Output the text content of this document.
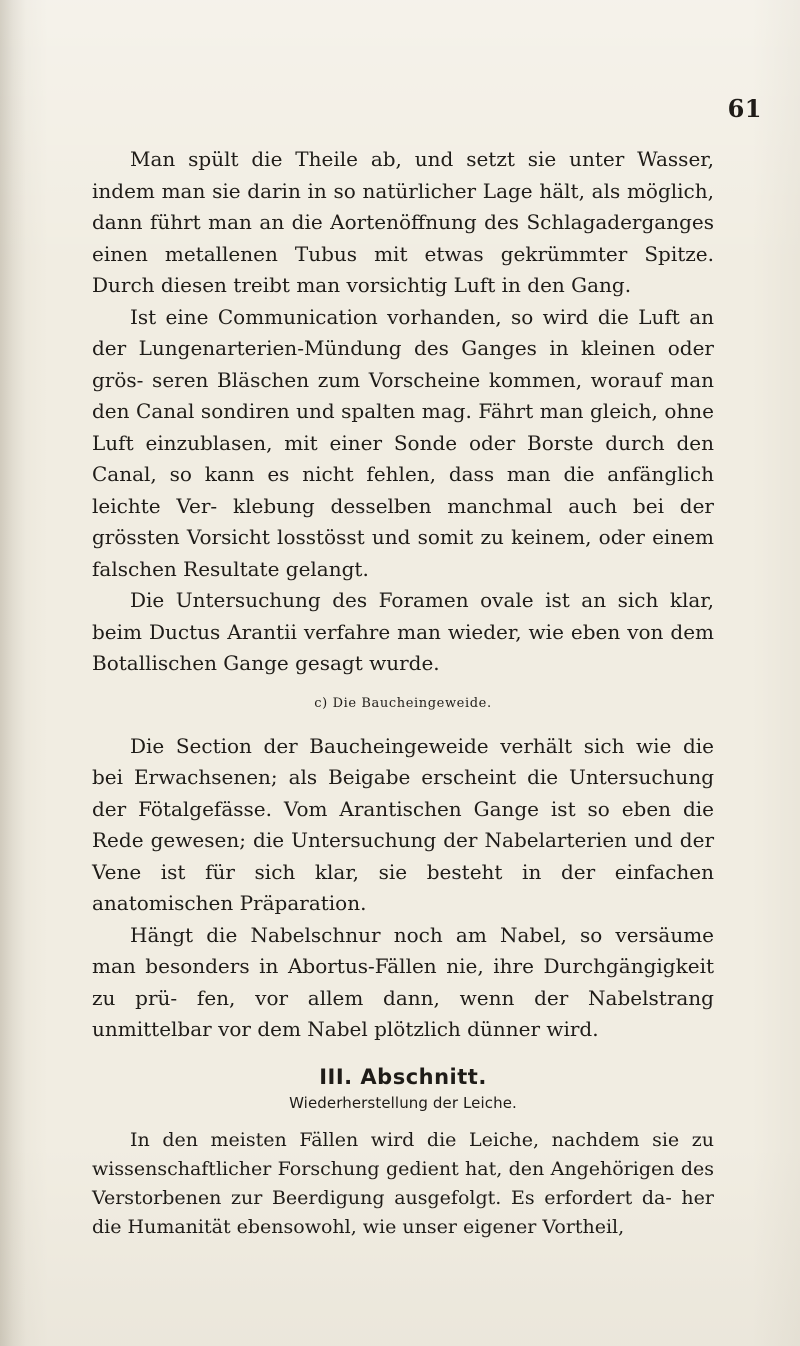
61

Man spült die Theile ab, und setzt sie unter Wasser, indem man sie darin in so natürlicher Lage hält, als möglich, dann führt man an die Aortenöffnung des Schlagaderganges einen metallenen Tubus mit etwas gekrümmter Spitze. Durch diesen treibt man vorsichtig Luft in den Gang.

Ist eine Communication vorhanden, so wird die Luft an der Lungenarterien-Mündung des Ganges in kleinen oder grös- seren Bläschen zum Vorscheine kommen, worauf man den Canal sondiren und spalten mag. Fährt man gleich, ohne Luft einzublasen, mit einer Sonde oder Borste durch den Canal, so kann es nicht fehlen, dass man die anfänglich leichte Ver- klebung desselben manchmal auch bei der grössten Vorsicht losstösst und somit zu keinem, oder einem falschen Resultate gelangt.

Die Untersuchung des Foramen ovale ist an sich klar, beim Ductus Arantii verfahre man wieder, wie eben von dem Botallischen Gange gesagt wurde.

c) Die Baucheingeweide.

Die Section der Baucheingeweide verhält sich wie die bei Erwachsenen; als Beigabe erscheint die Untersuchung der Fötalgefässe. Vom Arantischen Gange ist so eben die Rede gewesen; die Untersuchung der Nabelarterien und der Vene ist für sich klar, sie besteht in der einfachen anatomischen Präparation.

Hängt die Nabelschnur noch am Nabel, so versäume man besonders in Abortus-Fällen nie, ihre Durchgängigkeit zu prü- fen, vor allem dann, wenn der Nabelstrang unmittelbar vor dem Nabel plötzlich dünner wird.

III. Abschnitt.
Wiederherstellung der Leiche.

In den meisten Fällen wird die Leiche, nachdem sie zu wissenschaftlicher Forschung gedient hat, den Angehörigen des Verstorbenen zur Beerdigung ausgefolgt. Es erfordert da- her die Humanität ebensowohl, wie unser eigener Vortheil,
